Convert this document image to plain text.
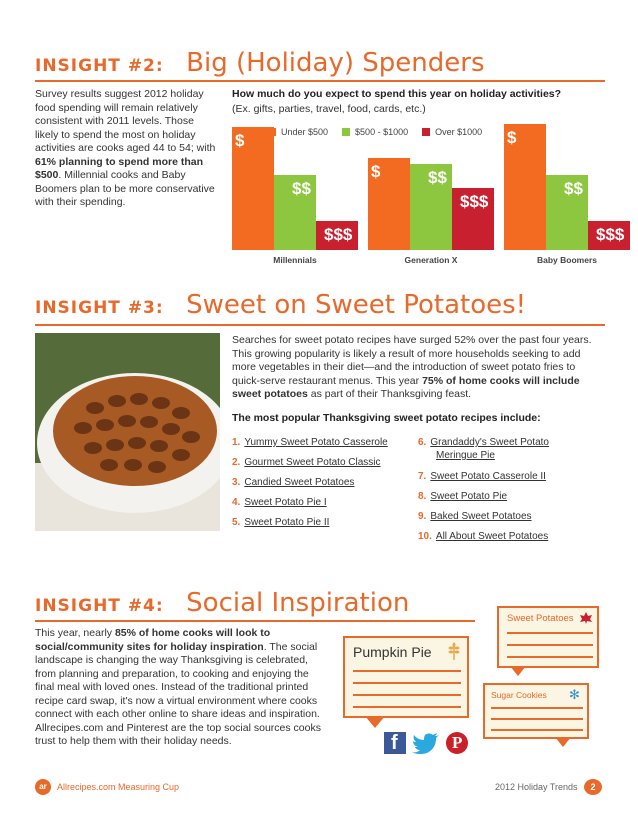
INSIGHT #2: Big (Holiday) Spenders
Survey results suggest 2012 holiday food spending will remain relatively consistent with 2011 levels. Those likely to spend the most on holiday activities are cooks aged 44 to 54; with 61% planning to spend more than $500. Millennial cooks and Baby Boomers plan to be more conservative with their spending.
How much do you expect to spend this year on holiday activities?
(Ex. gifts, parties, travel, food, cards, etc.)
Under $500	$500 - $1000	Over $1000
$
$$
$$$
$	$$
$$$
$
$$
$$$
Millennials	Generation X	Baby Boomers
INSIGHT #3: Sweet on Sweet Potatoes!
Searches for sweet potato recipes have surged 52% over the past four years. This growing popularity is likely a result of more households seeking to add more vegetables in their diet—and the introduction of sweet potato fries to quick-serve restaurant menus. This year 75% of home cooks will include sweet potatoes as part of their Thanksgiving feast.
The most popular Thanksgiving sweet potato recipes include:
1. Yummy Sweet Potato Casserole
2. Gourmet Sweet Potato Classic
3. Candied Sweet Potatoes
4. Sweet Potato Pie I
5. Sweet Potato Pie II
6. Grandaddy's Sweet Potato
Meringue Pie
7. Sweet Potato Casserole II
8. Sweet Potato Pie
9. Baked Sweet Potatoes
10. All About Sweet Potatoes
INSIGHT #4: Social Inspiration
This year, nearly 85% of home cooks will look to social/community sites for holiday inspiration. The social landscape is changing the way Thanksgiving is celebrated, from planning and preparation, to cooking and enjoying the final meal with loved ones. Instead of the traditional printed recipe card swap, it's now a virtual environment where cooks connect with each other online to share ideas and inspiration. Allrecipes.com and Pinterest are the top social sources cooks trust to help them with their holiday needs.
Pumpkin Pie
Sweet Potatoes
Sugar Cookies ✻
f	P
ar	Allrecipes.com Measuring Cup	2012 Holiday Trends	2
